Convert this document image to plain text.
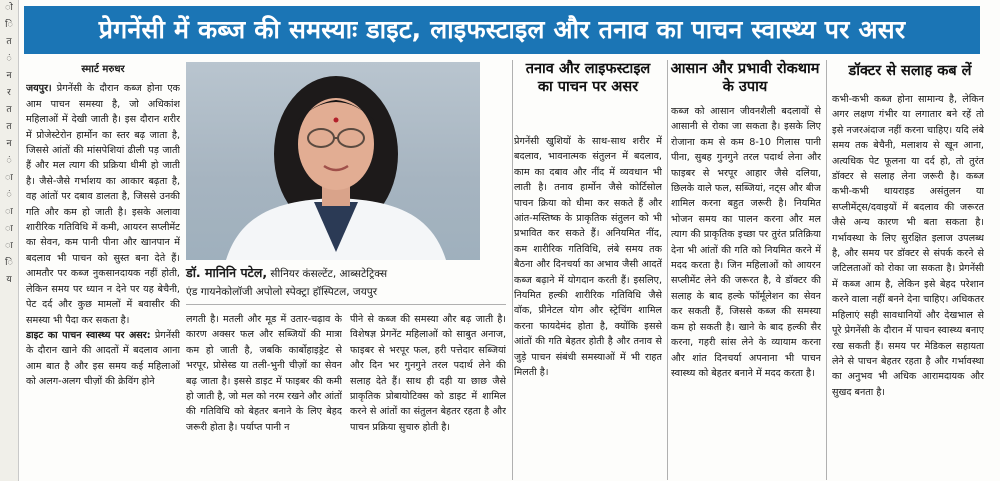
ो
ि
त
ं
न
र
त
त
न
ं
ा
ं
ा
ा
ा
ि
य
प्रेगनेंसी में कब्ज की समस्याः डाइट, लाइफस्टाइल और तनाव का पाचन स्वास्थ्य पर असर
स्मार्ट मरुधर

जयपुर। प्रेगनेंसी के दौरान कब्ज होना एक आम पाचन समस्या है, जो अधिकांश महिलाओं में देखी जाती है। इस दौरान शरीर में प्रोजेस्टेरोन हार्मोन का स्तर बढ़ जाता है, जिससे आंतों की मांसपेशियां ढीली पड़ जाती हैं और मल त्याग की प्रक्रिया धीमी हो जाती है। जैसे-जैसे गर्भाशय का आकार बढ़ता है, वह आंतों पर दबाव डालता है, जिससे उनकी गति और कम हो जाती है। इसके अलावा शारीरिक गतिविधि में कमी, आयरन सप्लीमेंट का सेवन, कम पानी पीना और खानपान में बदलाव भी पाचन को सुस्त बना देते हैं। आमतौर पर कब्ज नुकसानदायक नहीं होती, लेकिन समय पर ध्यान न देने पर यह बेचैनी, पेट दर्द और कुछ मामलों में बवासीर की समस्या भी पैदा कर सकता है।

डाइट का पाचन स्वास्थ्य पर असर: प्रेगनेंसी के दौरान खाने की आदतों में बदलाव आना आम बात है और इस समय कई महिलाओं को अलग-अलग चीज़ों की क्रेविंग होने

डॉ. मानिनि पटेल, सीनियर कंसल्टेंट, आब्सटेट्रिक्स
एंड गायनेकोलॉजी अपोलो स्पेक्ट्रा हॉस्पिटल, जयपुर

लगती है। मतली और मूड में उतार-चढ़ाव के कारण अक्सर फल और सब्जियों की मात्रा कम हो जाती है, जबकि कार्बोहाइड्रेट से भरपूर, प्रोसेस्ड या तली-भुनी चीज़ों का सेवन बढ़ जाता है। इससे डाइट में फाइबर की कमी हो जाती है, जो मल को नरम रखने और आंतों की गतिविधि को बेहतर बनाने के लिए बेहद जरूरी होता है। पर्याप्त पानी न

पीने से कब्ज की समस्या और बढ़ जाती है। विशेषज्ञ प्रेगनेंट महिलाओं को साबुत अनाज, फाइबर से भरपूर फल, हरी पत्तेदार सब्जियां और दिन भर गुनगुने तरल पदार्थ लेने की सलाह देते हैं। साथ ही दही या छाछ जैसे प्राकृतिक प्रोबायोटिक्स को डाइट में शामिल करने से आंतों का संतुलन बेहतर रहता है और पाचन प्रक्रिया सुचारु होती है।

तनाव और लाइफस्टाइल का पाचन पर असर

प्रेगनेंसी खुशियों के साथ-साथ शरीर में बदलाव, भावनात्मक संतुलन में बदलाव, काम का दबाव और नींद में व्यवधान भी लाती है। तनाव हार्मोन जैसे कोर्टिसोल पाचन क्रिया को धीमा कर सकते हैं और आंत-मस्तिष्क के प्राकृतिक संतुलन को भी प्रभावित कर सकते हैं। अनियमित नींद, कम शारीरिक गतिविधि, लंबे समय तक बैठना और दिनचर्या का अभाव जैसी आदतें कब्ज बढ़ाने में योगदान करती हैं। इसलिए, नियमित हल्की शारीरिक गतिविधि जैसे वॉक, प्रीनेटल योग और स्ट्रेचिंग शामिल करना फायदेमंद होता है, क्योंकि इससे आंतों की गति बेहतर होती है और तनाव से जुड़े पाचन संबंधी समस्याओं में भी राहत मिलती है।

आसान और प्रभावी रोकथाम के उपाय

कब्ज को आसान जीवनशैली बदलावों से आसानी से रोका जा सकता है। इसके लिए रोजाना कम से कम 8-10 गिलास पानी पीना, सुबह गुनगुने तरल पदार्थ लेना और फाइबर से भरपूर आहार जैसे दलिया, छिलके वाले फल, सब्जियां, नट्स और बीज शामिल करना बहुत जरूरी है। नियमित भोजन समय का पालन करना और मल त्याग की प्राकृतिक इच्छा पर तुरंत प्रतिक्रिया देना भी आंतों की गति को नियमित करने में मदद करता है। जिन महिलाओं को आयरन सप्लीमेंट लेने की जरूरत है, वे डॉक्टर की सलाह के बाद हल्के फॉर्मूलेशन का सेवन कर सकती हैं, जिससे कब्ज की समस्या कम हो सकती है। खाने के बाद हल्की सैर करना, गहरी सांस लेने के व्यायाम करना और शांत दिनचर्या अपनाना भी पाचन स्वास्थ्य को बेहतर बनाने में मदद करता है।

डॉक्टर से सलाह कब लें

कभी-कभी कब्ज होना सामान्य है, लेकिन अगर लक्षण गंभीर या लगातार बने रहें तो इसे नजरअंदाज नहीं करना चाहिए। यदि लंबे समय तक बेचैनी, मलाशय से खून आना, अत्यधिक पेट फूलना या दर्द हो, तो तुरंत डॉक्टर से सलाह लेना जरूरी है। कब्ज कभी-कभी थायराइड असंतुलन या सप्लीमेंट्स/दवाइयों में बदलाव की जरूरत जैसे अन्य कारण भी बता सकता है। गर्भावस्था के लिए सुरक्षित इलाज उपलब्ध है, और समय पर डॉक्टर से संपर्क करने से जटिलताओं को रोका जा सकता है। प्रेगनेंसी में कब्ज आम है, लेकिन इसे बेहद परेशान करने वाला नहीं बनने देना चाहिए। अधिकतर महिलाएं सही सावधानियों और देखभाल से पूरे प्रेगनेंसी के दौरान में पाचन स्वास्थ्य बनाए रख सकती हैं। समय पर मेडिकल सहायता लेने से पाचन बेहतर रहता है और गर्भावस्था का अनुभव भी अधिक आरामदायक और सुखद बनता है।
